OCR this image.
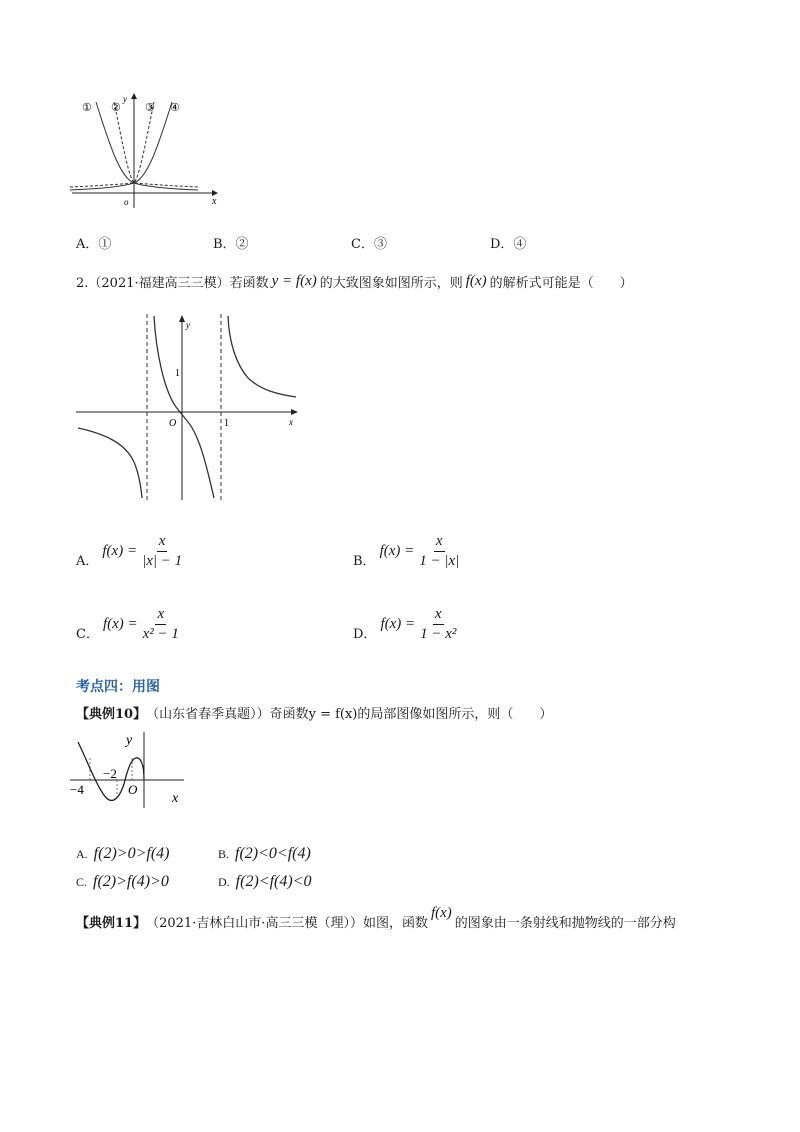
① ② ③ ④
y
x
o
A．①	B．②	C．③	D．④
2.（2021·福建高三三模）若函数 y = f(x) 的大致图象如图所示，则 f(x) 的解析式可能是（　　）
O	x
y
1
1
A．
$f(x) = \frac{x}{|x| - 1}$	B．
$f(x) = \frac{x}{1 - |x|}$
C．
$f(x) = \frac{x}{\text{x² − 1}}$	D．
$f(x) = \frac{x}{\text{1 − x²}}$
考点四：用图
【典例10】 （山东省春季真题））奇函数y = f(x)的局部图像如图所示，则（　　）
y
−2
−4	O
x
A. f(2)>0>f(4)	B. f(2)<0<f(4)
C. f(2)>f(4)>0	D. f(2)<f(4)<0
【典例11】 （2021·吉林白山市·高三三模（理））如图，函数
f(x)
的图象由一条射线和抛物线的一部分构
